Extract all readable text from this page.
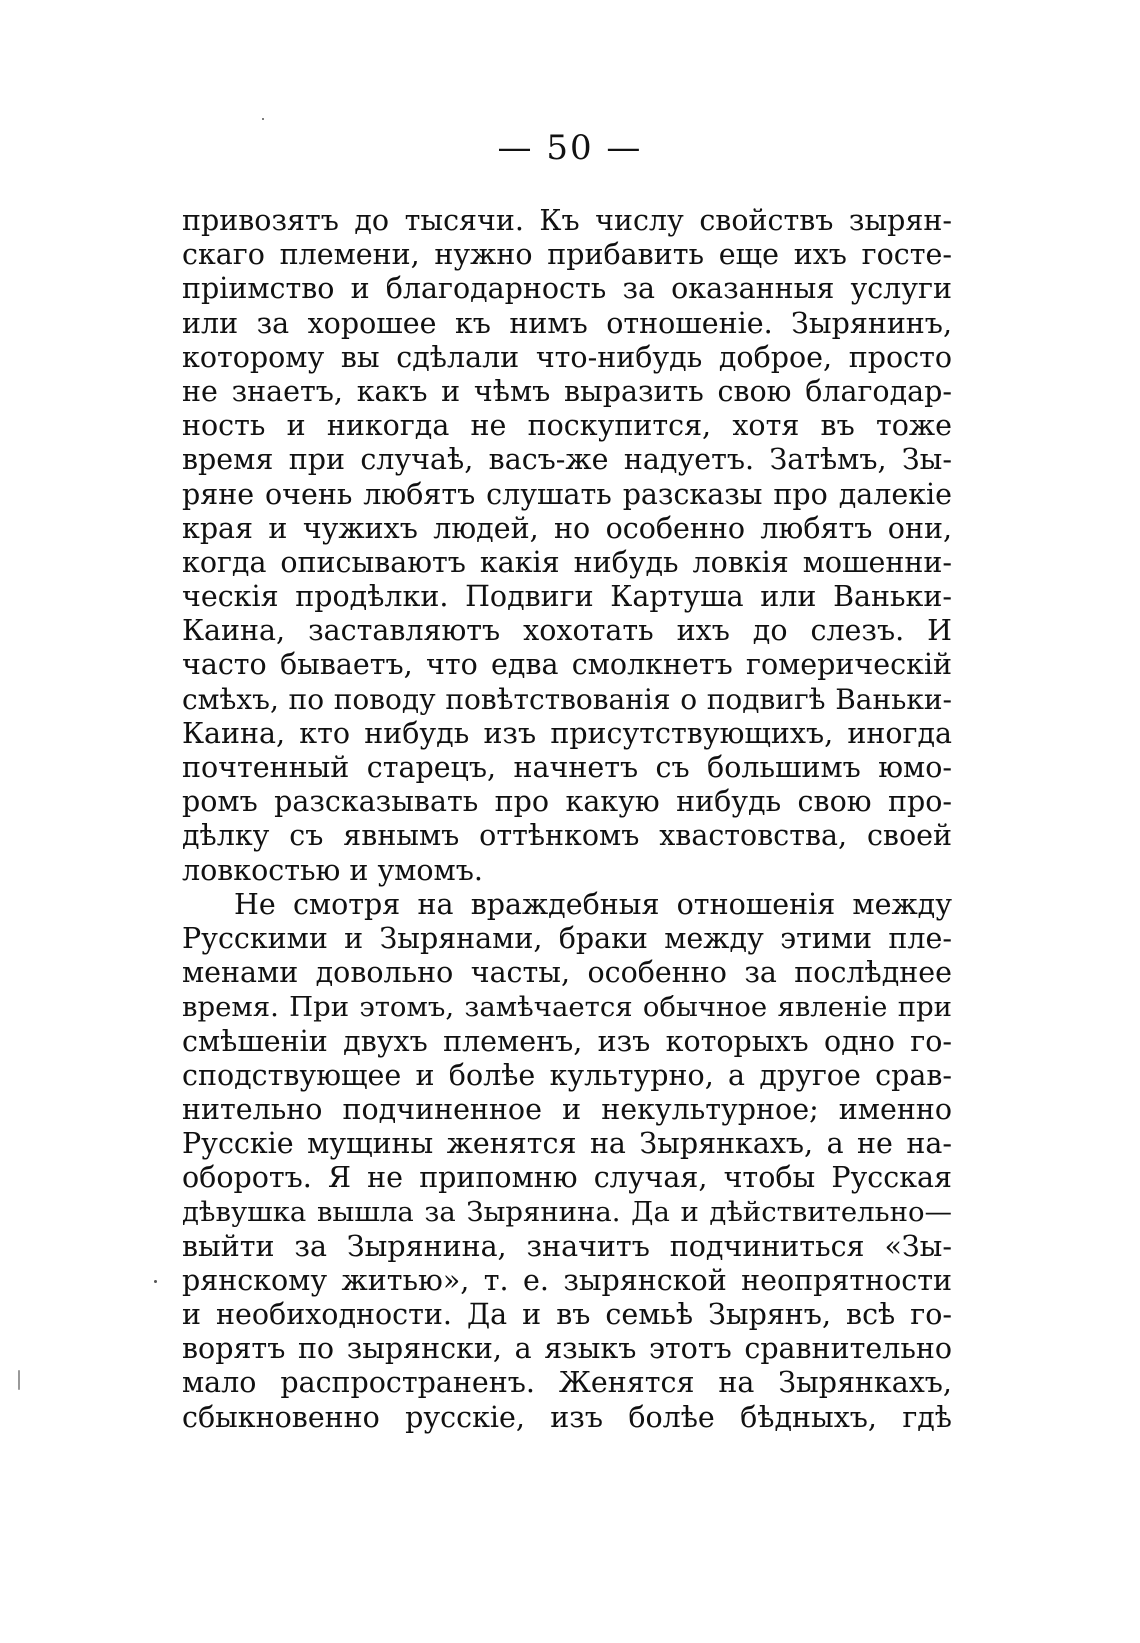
— 50 —
привозятъ до тысячи. Къ числу свойствъ зырян-
скаго племени, нужно прибавить еще ихъ госте-
пріимство и благодарность за оказанныя услуги
или за хорошее къ нимъ отношеніе. Зырянинъ,
которому вы сдѣлали что-нибудь доброе, просто
не знаетъ, какъ и чѣмъ выразить свою благодар-
ность и никогда не поскупится, хотя въ тоже
время при случаѣ, васъ-же надуетъ. Затѣмъ, Зы-
ряне очень любятъ слушать разсказы про далекіе
края и чужихъ людей, но особенно любятъ они,
когда описываютъ какія нибудь ловкія мошенни-
ческія продѣлки. Подвиги Картуша или Ваньки-
Каина, заставляютъ хохотать ихъ до слезъ. И
часто бываетъ, что едва смолкнетъ гомерическій
смѣхъ, по поводу повѣтствованія о подвигѣ Ваньки-
Каина, кто нибудь изъ присутствующихъ, иногда
почтенный старецъ, начнетъ съ большимъ юмо-
ромъ разсказывать про какую нибудь свою про-
дѣлку съ явнымъ оттѣнкомъ хвастовства, своей
ловкостью и умомъ.
Не смотря на враждебныя отношенія между
Русскими и Зырянами, браки между этими пле-
менами довольно часты, особенно за послѣднее
время. При этомъ, замѣчается обычное явленіе при
смѣшеніи двухъ племенъ, изъ которыхъ одно го-
сподствующее и болѣе культурно, а другое срав-
нительно подчиненное и некультурное; именно
Русскіе мущины женятся на Зырянкахъ, а не на-
оборотъ. Я не припомню случая, чтобы Русская
дѣвушка вышла за Зырянина. Да и дѣйствительно—
выйти за Зырянина, значитъ подчиниться «Зы-
рянскому житью», т. е. зырянской неопрятности
и необиходности. Да и въ семьѣ Зырянъ, всѣ го-
ворятъ по зырянски, а языкъ этотъ сравнительно
мало распространенъ. Женятся на Зырянкахъ,
сбыкновенно русскіе, изъ болѣе бѣдныхъ, гдѣ
